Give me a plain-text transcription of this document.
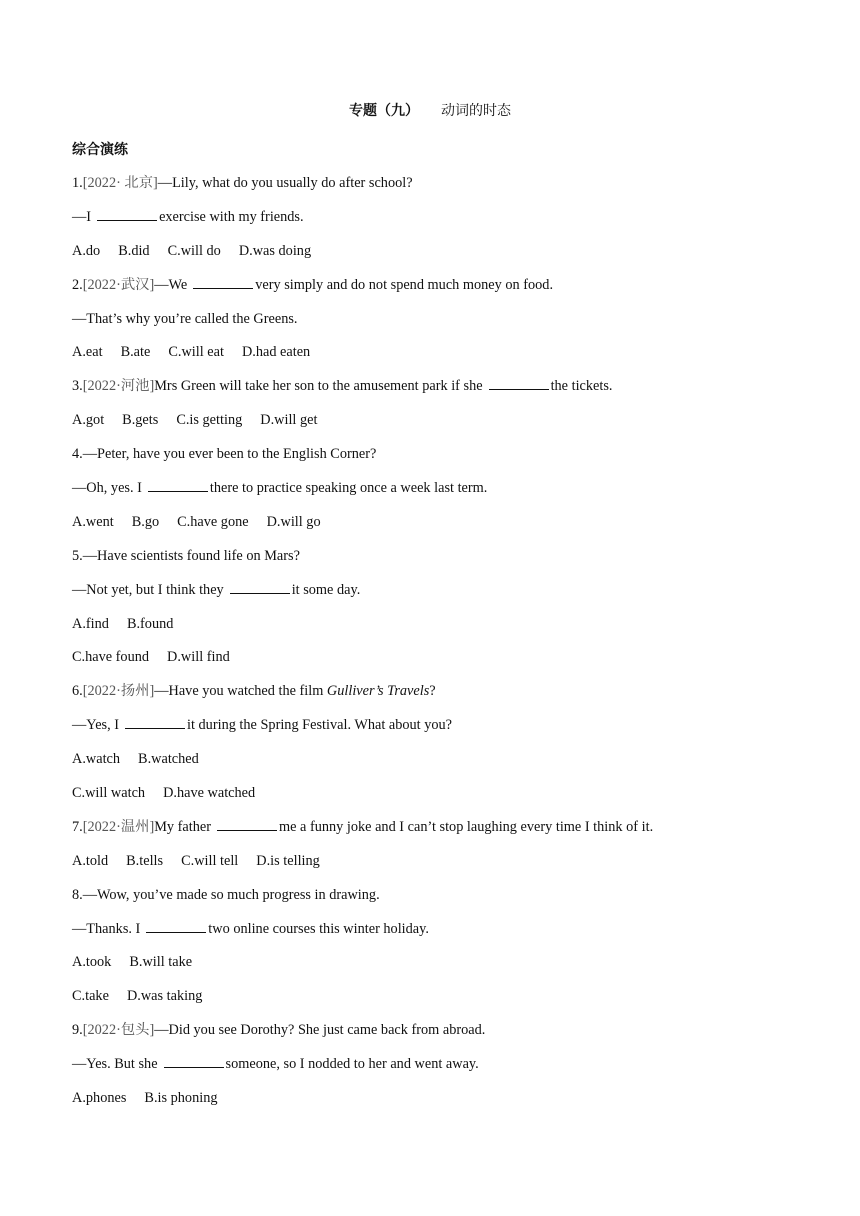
专题（九） 动词的时态
综合演练
1.[2022· 北京]—Lily, what do you usually do after school?
—I	exercise with my friends.
A.do B.did C.will do D.was doing
2.[2022·武汉]—We	very simply and do not spend much money on food.
—That’s why you’re called the Greens.
A.eat B.ate C.will eat D.had eaten
3.[2022·河池]Mrs Green will take her son to the amusement park if she	the tickets.
A.got B.gets C.is getting D.will get
4.—Peter, have you ever been to the English Corner?
—Oh, yes. I	there to practice speaking once a week last term.
A.went B.go C.have gone D.will go
5.—Have scientists found life on Mars?
—Not yet, but I think they	it some day.
A.find B.found
C.have found D.will find
6.[2022·扬州]—Have you watched the film Gulliver’s Travels?
—Yes, I	it during the Spring Festival. What about you?
A.watch B.watched
C.will watch D.have watched
7.[2022·温州]My father	me a funny joke and I can’t stop laughing every time I think of it.
A.told B.tells C.will tell D.is telling
8.—Wow, you’ve made so much progress in drawing.
—Thanks. I	two online courses this winter holiday.
A.took B.will take
C.take D.was taking
9.[2022·包头]—Did you see Dorothy? She just came back from abroad.
—Yes. But she	someone, so I nodded to her and went away.
A.phones B.is phoning
